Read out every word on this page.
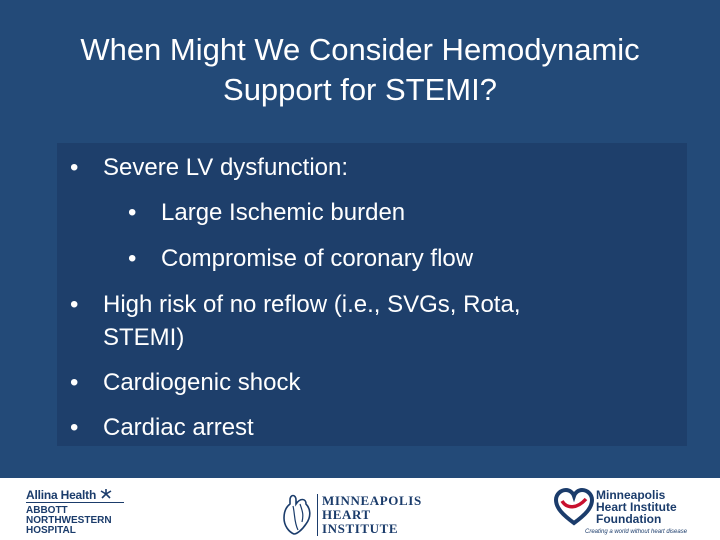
When Might We Consider Hemodynamic
Support for STEMI?
• Severe LV dysfunction:
• Large Ischemic burden
• Compromise of coronary flow
• High risk of no reflow (i.e., SVGs, Rota,
STEMI)
• Cardiogenic shock
• Cardiac arrest
Allina Health
ABBOTT
NORTHWESTERN
HOSPITAL
MINNEAPOLIS
HEART
INSTITUTE
Minneapolis
Heart Institute
Foundation
Creating a world without heart disease
